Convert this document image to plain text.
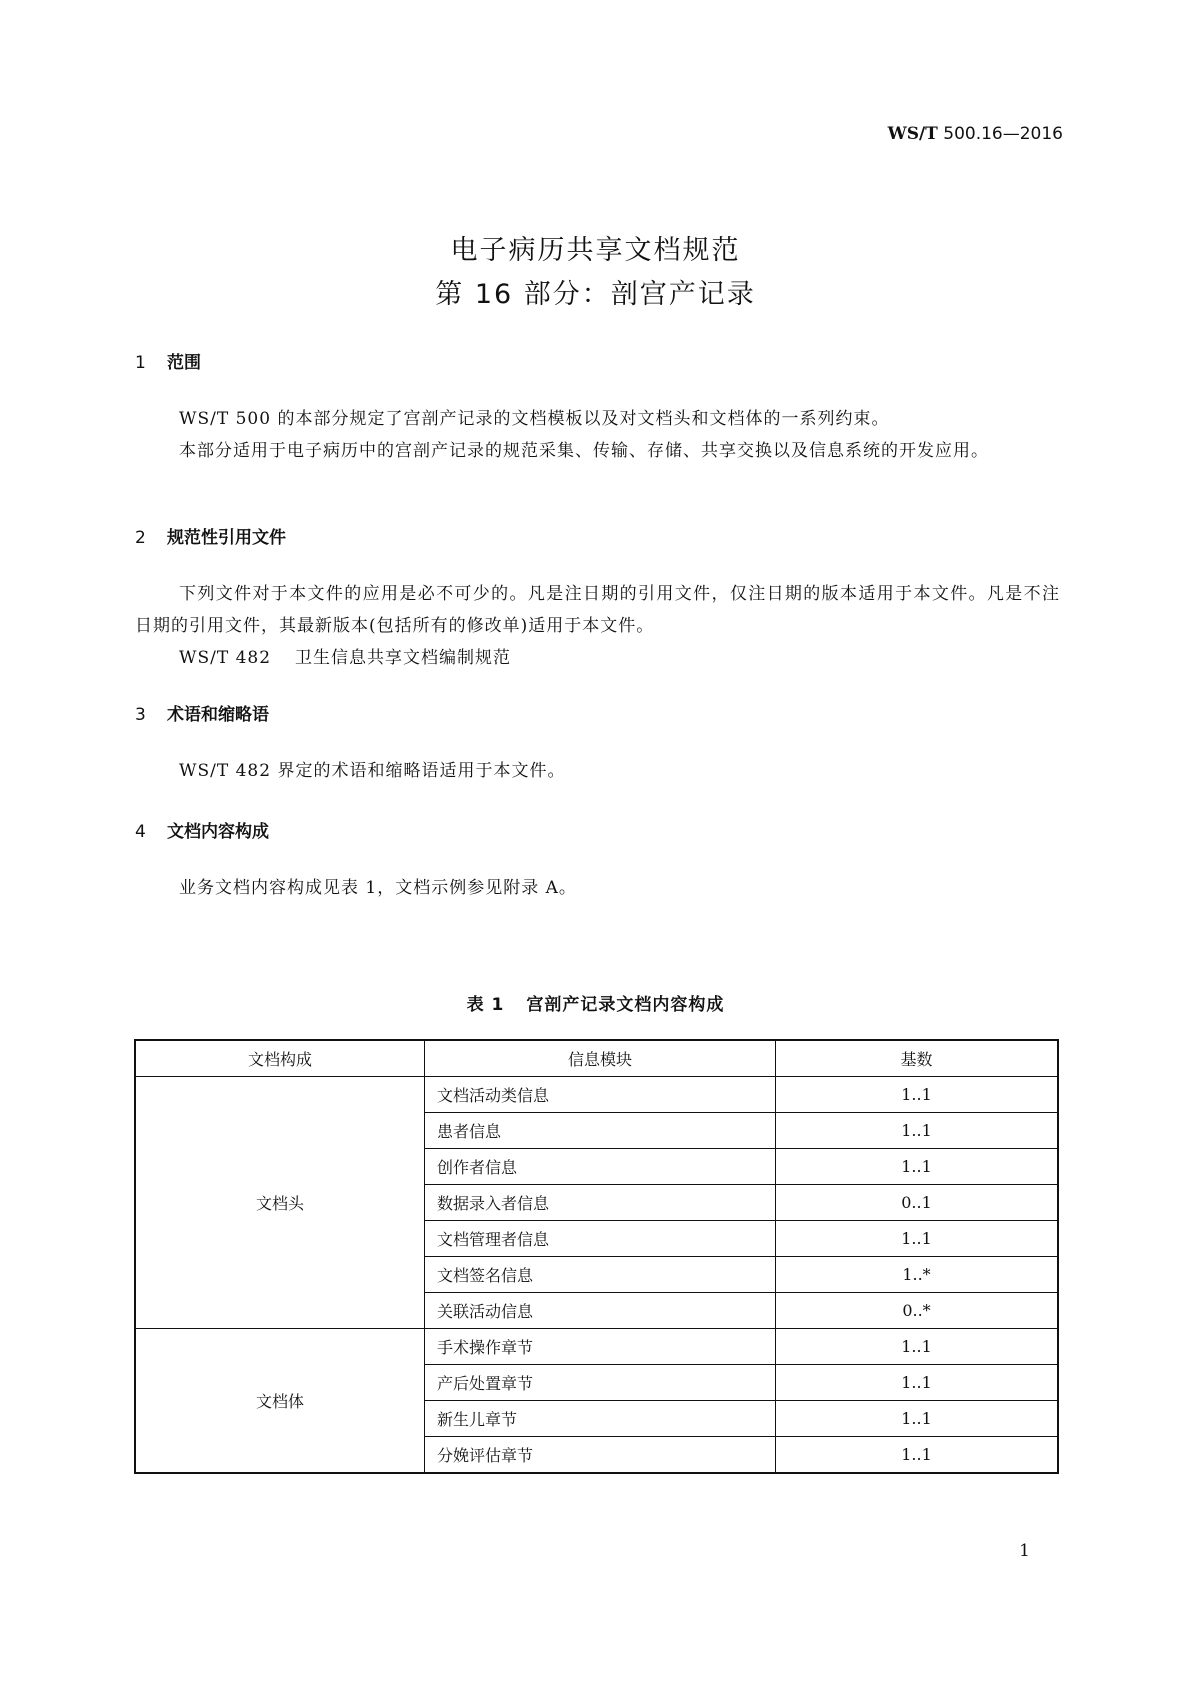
WS/T 500.16—2016
电子病历共享文档规范
第 16 部分：剖宫产记录
1 范围
WS/T 500 的本部分规定了宫剖产记录的文档模板以及对文档头和文档体的一系列约束。
本部分适用于电子病历中的宫剖产记录的规范采集、传输、存储、共享交换以及信息系统的开发应用。
2 规范性引用文件
下列文件对于本文件的应用是必不可少的。凡是注日期的引用文件，仅注日期的版本适用于本文件。凡是不注日期的引用文件，其最新版本(包括所有的修改单)适用于本文件。
WS/T 482 卫生信息共享文档编制规范
3 术语和缩略语
WS/T 482 界定的术语和缩略语适用于本文件。
4 文档内容构成
业务文档内容构成见表 1，文档示例参见附录 A。
表 1 宫剖产记录文档内容构成
文档构成	信息模块	基数
文档头	文档活动类信息	1..1
	患者信息	1..1
	创作者信息	1..1
	数据录入者信息	0..1
	文档管理者信息	1..1
	文档签名信息	1..*
	关联活动信息	0..*
文档体	手术操作章节	1..1
	产后处置章节	1..1
	新生儿章节	1..1
	分娩评估章节	1..1
1
